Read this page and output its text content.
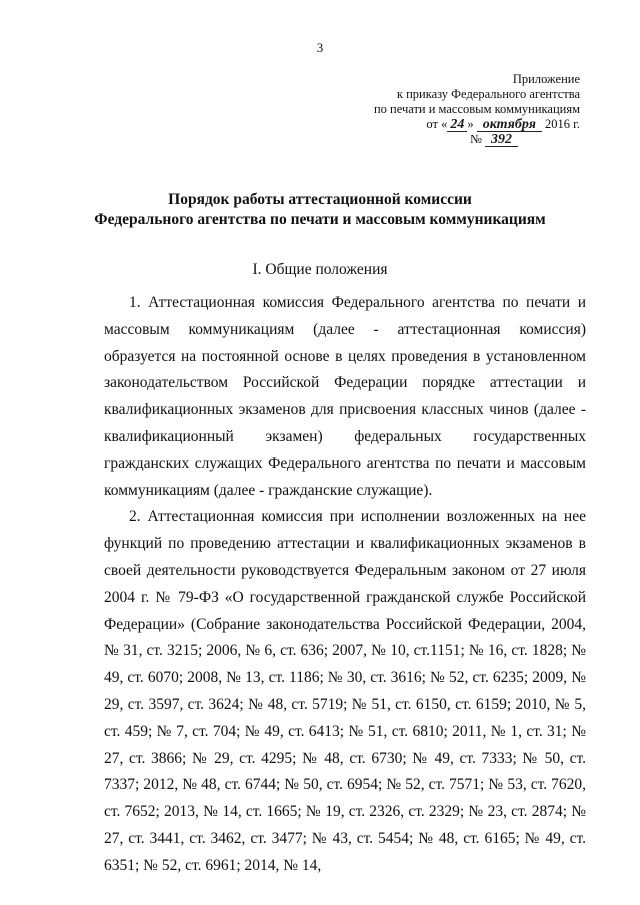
3
Приложение
к приказу Федерального агентства
по печати и массовым коммуникациям
от « 24 » октября 2016 г.
№ 392
Порядок работы аттестационной комиссии
Федерального агентства по печати и массовым коммуникациям
I. Общие положения

1. Аттестационная комиссия Федерального агентства по печати и массовым коммуникациям (далее - аттестационная комиссия) образуется на постоянной основе в целях проведения в установленном законодательством Российской Федерации порядке аттестации и квалификационных экзаменов для присвоения классных чинов (далее - квалификационный экзамен) федеральных государственных гражданских служащих Федерального агентства по печати и массовым коммуникациям (далее - гражданские служащие).

2. Аттестационная комиссия при исполнении возложенных на нее функций по проведению аттестации и квалификационных экзаменов в своей деятельности руководствуется Федеральным законом от 27 июля 2004 г. № 79-ФЗ «О государственной гражданской службе Российской Федерации» (Собрание законодательства Российской Федерации, 2004, № 31, ст. 3215; 2006, № 6, ст. 636; 2007, № 10, ст.1151; № 16, ст. 1828; № 49, ст. 6070; 2008, № 13, ст. 1186; № 30, ст. 3616; № 52, ст. 6235; 2009, № 29, ст. 3597, ст. 3624; № 48, ст. 5719; № 51, ст. 6150, ст. 6159; 2010, № 5, ст. 459; № 7, ст. 704; № 49, ст. 6413; № 51, ст. 6810; 2011, № 1, ст. 31; № 27, ст. 3866; № 29, ст. 4295; № 48, ст. 6730; № 49, ст. 7333; № 50, ст. 7337; 2012, № 48, ст. 6744; № 50, ст. 6954; № 52, ст. 7571; № 53, ст. 7620, ст. 7652; 2013, № 14, ст. 1665; № 19, ст. 2326, ст. 2329; № 23, ст. 2874; № 27, ст. 3441, ст. 3462, ст. 3477; № 43, ст. 5454; № 48, ст. 6165; № 49, ст. 6351; № 52, ст. 6961; 2014, № 14,
